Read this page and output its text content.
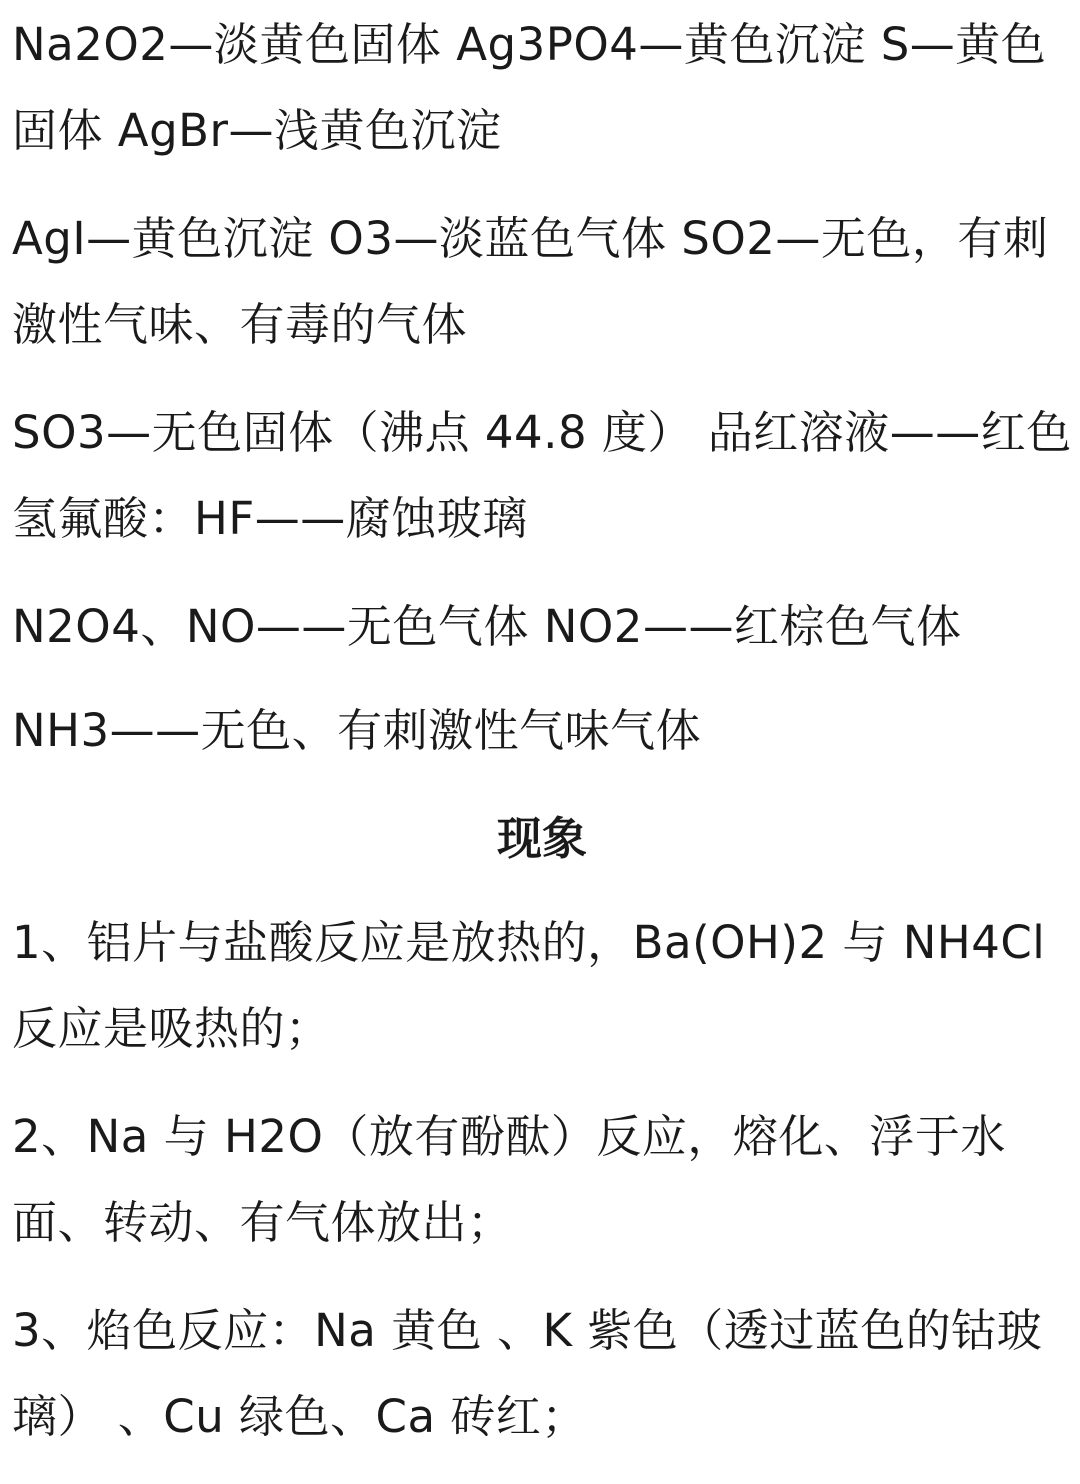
Na2O2—淡黄色固体 Ag3PO4—黄色沉淀 S—黄色固体 AgBr—浅黄色沉淀

AgI—黄色沉淀 O3—淡蓝色气体 SO2—无色，有刺激性气味、有毒的气体

SO3—无色固体（沸点 44.8 度） 品红溶液——红色 氢氟酸：HF——腐蚀玻璃

N2O4、NO——无色气体 NO2——红棕色气体

NH3——无色、有刺激性气味气体

现象

1、铝片与盐酸反应是放热的，Ba(OH)2 与 NH4Cl 反应是吸热的；

2、Na 与 H2O（放有酚酞）反应，熔化、浮于水面、转动、有气体放出；

3、焰色反应：Na 黄色 、K 紫色（透过蓝色的钴玻璃） 、Cu 绿色、Ca 砖红；
